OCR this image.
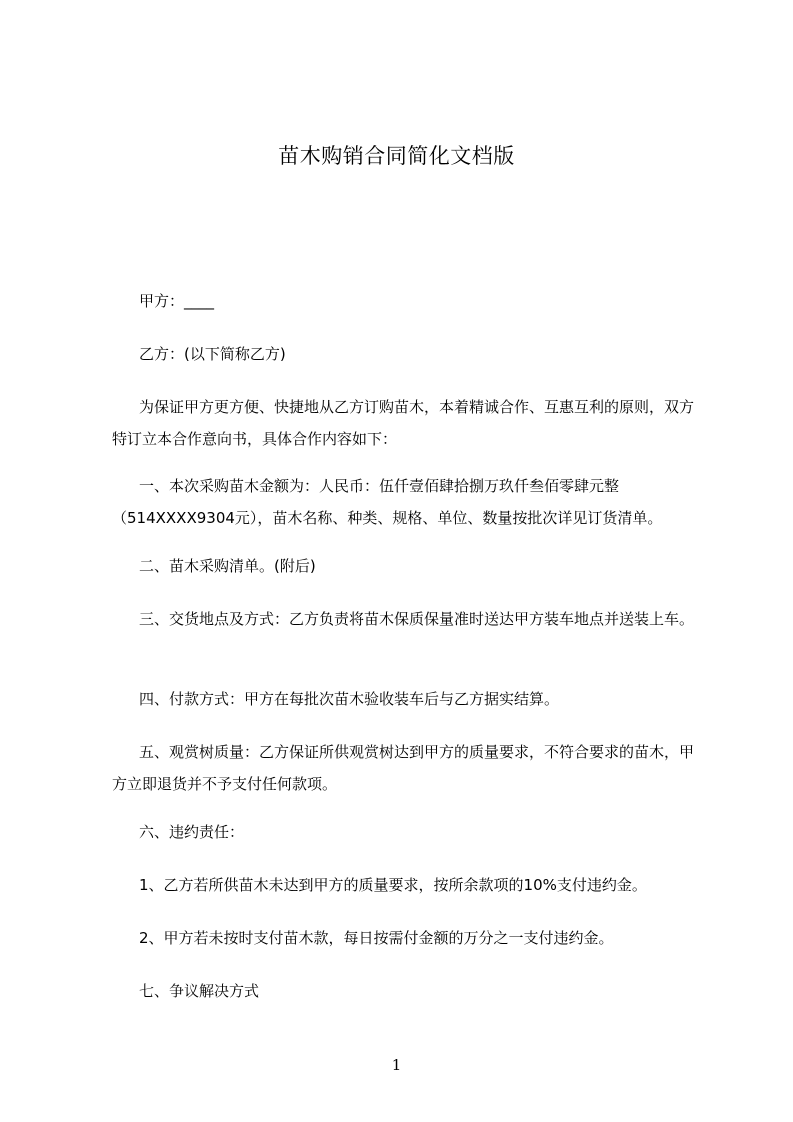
苗木购销合同简化文档版

甲方：____

乙方：(以下简称乙方)

为保证甲方更方便、快捷地从乙方订购苗木，本着精诚合作、互惠互利的原则，双方特订立本合作意向书，具体合作内容如下：

一、本次采购苗木金额为：人民币：伍仟壹佰肆拾捌万玖仟叁佰零肆元整（514XXXX9304元），苗木名称、种类、规格、单位、数量按批次详见订货清单。

二、苗木采购清单。(附后)

三、交货地点及方式：乙方负责将苗木保质保量准时送达甲方装车地点并送装上车。

四、付款方式：甲方在每批次苗木验收装车后与乙方据实结算。

五、观赏树质量：乙方保证所供观赏树达到甲方的质量要求，不符合要求的苗木，甲方立即退货并不予支付任何款项。

六、违约责任：

1、乙方若所供苗木未达到甲方的质量要求，按所余款项的10%支付违约金。

2、甲方若未按时支付苗木款，每日按需付金额的万分之一支付违约金。

七、争议解决方式

1
